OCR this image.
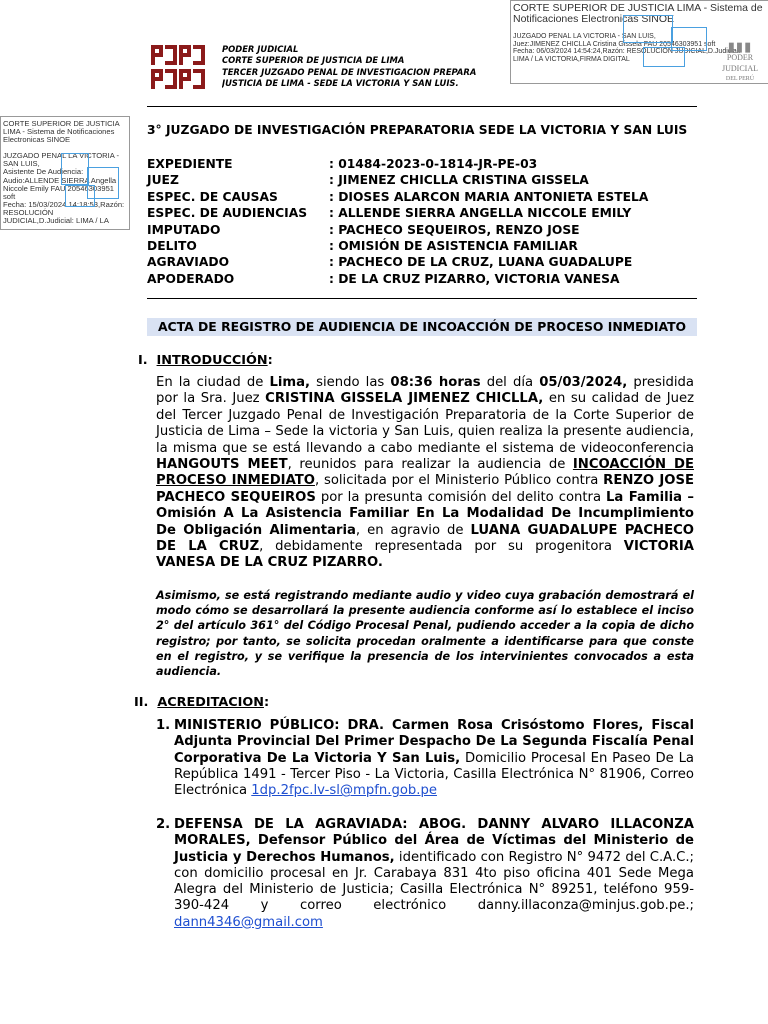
PODER JUDICIAL
CORTE SUPERIOR DE JUSTICIA DE LIMA
TERCER JUZGADO PENAL DE INVESTIGACION PREPARA
JUSTICIA DE LIMA - SEDE LA VICTORIA Y SAN LUIS.
CORTE SUPERIOR DE JUSTICIA LIMA - Sistema de
Notificaciones Electronicas SINOE
JUZGADO PENAL LA VICTORIA - SAN LUIS,
Juez:JIMENEZ CHICLLA Cristina Gissela FAU 20546303951 soft
Fecha: 06/03/2024 14:54:24,Razón: RESOLUCIÓN JUDICIAL,D.Judicial:
LIMA / LA VICTORIA,FIRMA DIGITAL
▮▮▮
PODER JUDICIAL
DEL PERÚ
CORTE SUPERIOR DE JUSTICIA
LIMA - Sistema de Notificaciones
Electronicas SINOE
JUZGADO PENAL LA VICTORIA -
SAN LUIS,
Asistente De Audiencia:
Audio:ALLENDE SIERRA Angella
Niccole Emily FAU 20546303951
soft
Fecha: 15/03/2024 14:18:53,Razón:
RESOLUCIÓN
JUDICIAL,D.Judicial: LIMA / LA
3° JUZGADO DE INVESTIGACIÓN PREPARATORIA SEDE LA VICTORIA Y SAN LUIS
EXPEDIENTE	: 01484-2023-0-1814-JR-PE-03
JUEZ	: JIMENEZ CHICLLA CRISTINA GISSELA
ESPEC. DE CAUSAS	: DIOSES ALARCON MARIA ANTONIETA ESTELA
ESPEC. DE AUDIENCIAS : ALLENDE SIERRA ANGELLA NICCOLE EMILY
IMPUTADO	: PACHECO SEQUEIROS, RENZO JOSE
DELITO	: OMISIÓN DE ASISTENCIA FAMILIAR
AGRAVIADO	: PACHECO DE LA CRUZ, LUANA GUADALUPE
APODERADO	: DE LA CRUZ PIZARRO, VICTORIA VANESA
ACTA DE REGISTRO DE AUDIENCIA DE INCOACCIÓN DE PROCESO INMEDIATO
I. INTRODUCCIÓN:
En la ciudad de Lima, siendo las 08:36 horas del día 05/03/2024, presidida por la Sra. Juez CRISTINA GISSELA JIMENEZ CHICLLA, en su calidad de Juez del Tercer Juzgado Penal de Investigación Preparatoria de la Corte Superior de Justicia de Lima – Sede la victoria y San Luis, quien realiza la presente audiencia, la misma que se está llevando a cabo mediante el sistema de videoconferencia HANGOUTS MEET, reunidos para realizar la audiencia de INCOACCIÓN DE PROCESO INMEDIATO, solicitada por el Ministerio Público contra RENZO JOSE PACHECO SEQUEIROS por la presunta comisión del delito contra La Familia – Omisión A La Asistencia Familiar En La Modalidad De Incumplimiento De Obligación Alimentaria, en agravio de LUANA GUADALUPE PACHECO DE LA CRUZ, debidamente representada por su progenitora VICTORIA VANESA DE LA CRUZ PIZARRO.
Asimismo, se está registrando mediante audio y video cuya grabación demostrará el modo cómo se desarrollará la presente audiencia conforme así lo establece el inciso 2° del artículo 361° del Código Procesal Penal, pudiendo acceder a la copia de dicho registro; por tanto, se solicita procedan oralmente a identificarse para que conste en el registro, y se verifique la presencia de los intervinientes convocados a esta audiencia.
II. ACREDITACION:
1. MINISTERIO PÚBLICO: DRA. Carmen Rosa Crisóstomo Flores, Fiscal Adjunta Provincial Del Primer Despacho De La Segunda Fiscalía Penal Corporativa De La Victoria Y San Luis, Domicilio Procesal En Paseo De La República 1491 - Tercer Piso - La Victoria, Casilla Electrónica N° 81906, Correo Electrónica 1dp.2fpc.lv-sl@mpfn.gob.pe
2. DEFENSA DE LA AGRAVIADA: ABOG. DANNY ALVARO ILLACONZA MORALES, Defensor Público del Área de Víctimas del Ministerio de Justicia y Derechos Humanos, identificado con Registro N° 9472 del C.A.C.; con domicilio procesal en Jr. Carabaya 831 4to piso oficina 401 Sede Mega Alegra del Ministerio de Justicia; Casilla Electrónica N° 89251, teléfono 959-390-424 y correo electrónico danny.illaconza@minjus.gob.pe.; dann4346@gmail.com
